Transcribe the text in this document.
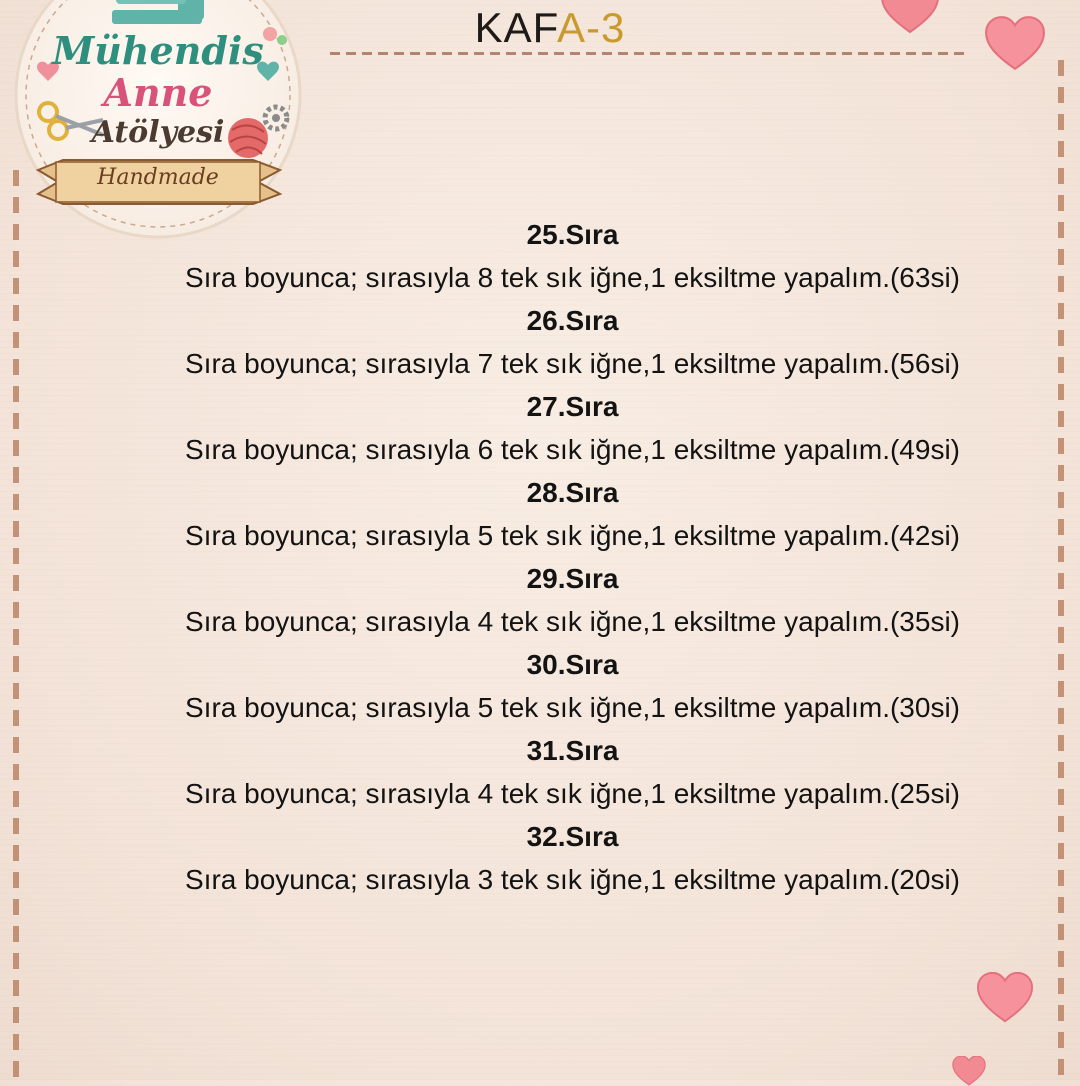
KAFA-3
Mühendis
Anne
Atölyesi
Handmade
25.Sıra
Sıra boyunca; sırasıyla 8 tek sık iğne,1 eksiltme yapalım.(63si)
26.Sıra
Sıra boyunca; sırasıyla 7 tek sık iğne,1 eksiltme yapalım.(56si)
27.Sıra
Sıra boyunca; sırasıyla 6 tek sık iğne,1 eksiltme yapalım.(49si)
28.Sıra
Sıra boyunca; sırasıyla 5 tek sık iğne,1 eksiltme yapalım.(42si)
29.Sıra
Sıra boyunca; sırasıyla 4 tek sık iğne,1 eksiltme yapalım.(35si)
30.Sıra
Sıra boyunca; sırasıyla 5 tek sık iğne,1 eksiltme yapalım.(30si)
31.Sıra
Sıra boyunca; sırasıyla 4 tek sık iğne,1 eksiltme yapalım.(25si)
32.Sıra
Sıra boyunca; sırasıyla 3 tek sık iğne,1 eksiltme yapalım.(20si)
